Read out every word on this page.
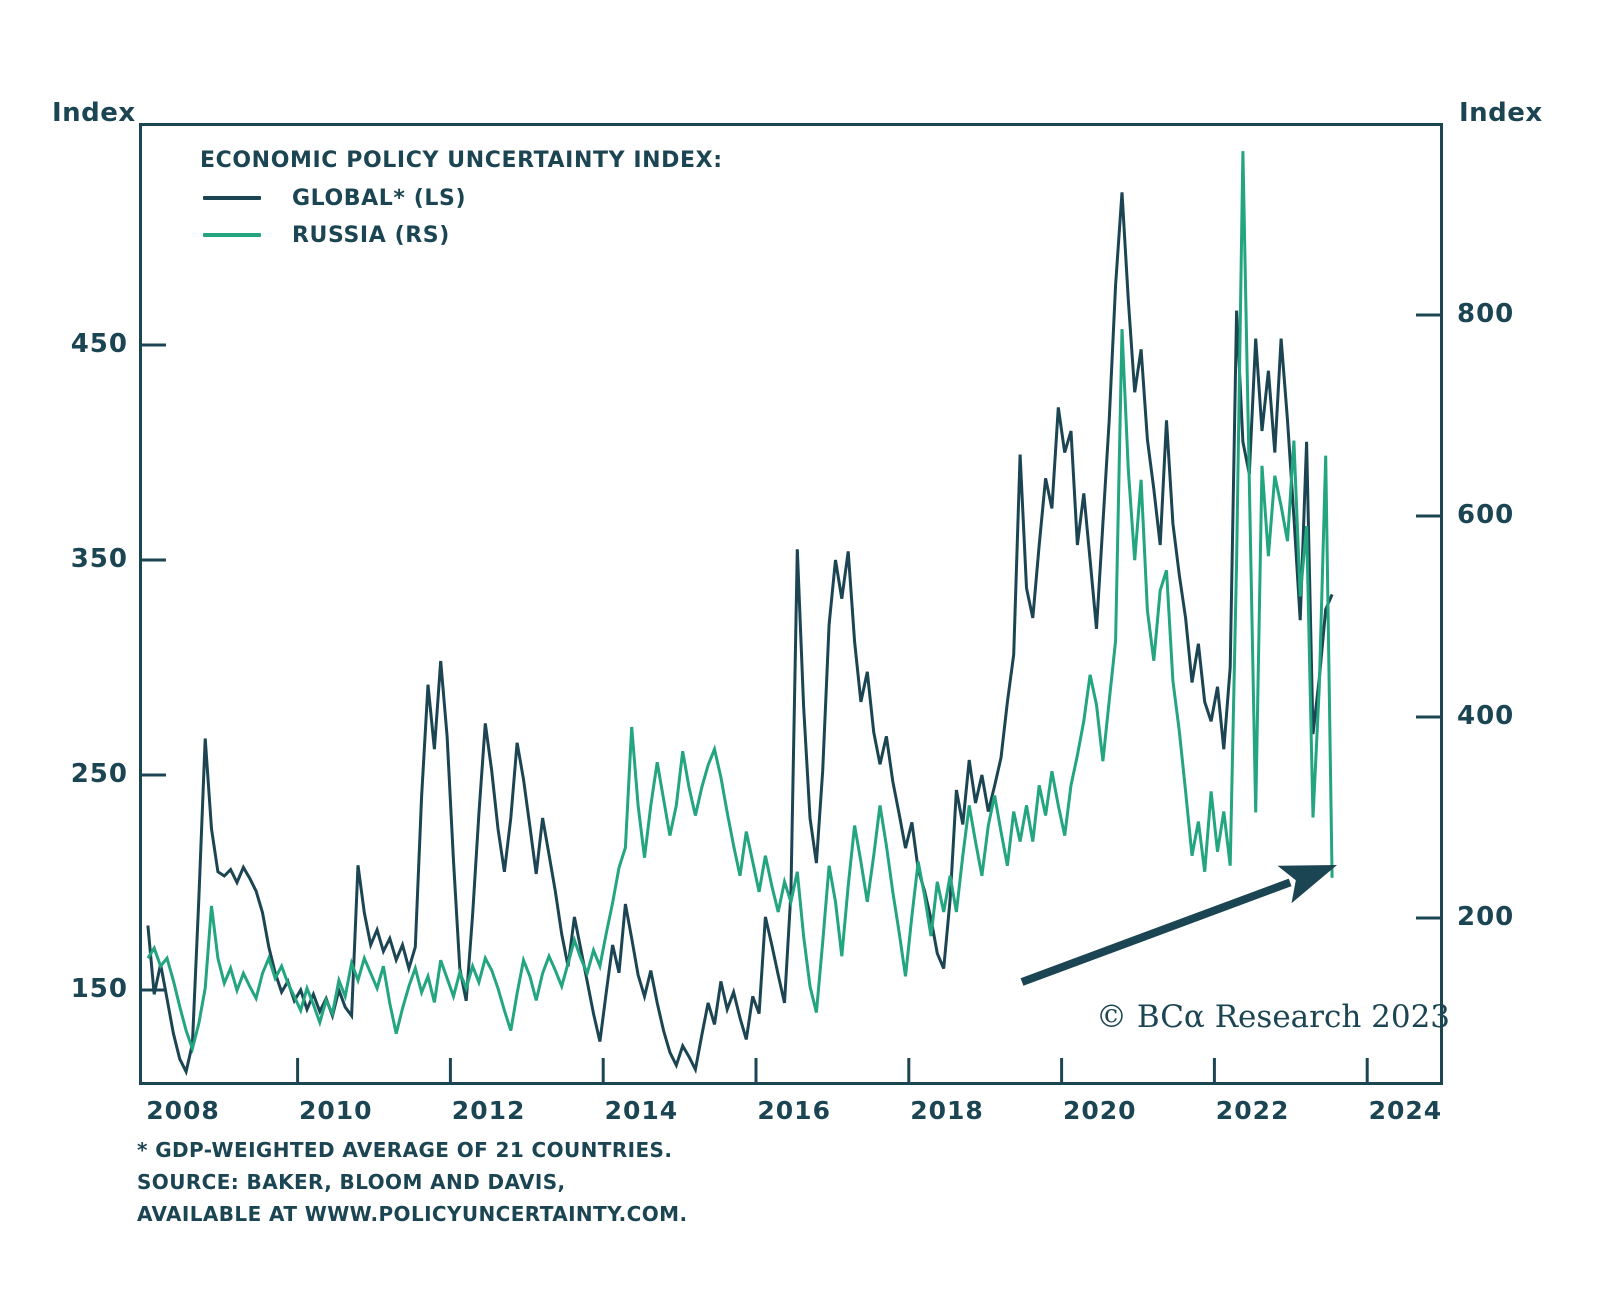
Index	Index
ECONOMIC POLICY UNCERTAINTY INDEX:
GLOBAL* (LS)
RUSSIA (RS)
* GDP-WEIGHTED AVERAGE OF 21 COUNTRIES.
SOURCE: BAKER, BLOOM AND DAVIS,
AVAILABLE AT WWW.POLICYUNCERTAINTY.COM.
© BCα Research 2023
450
350
250
150
800
600
400
200
2008	2010	2012	2014	2016	2018	2020	2022	2024
